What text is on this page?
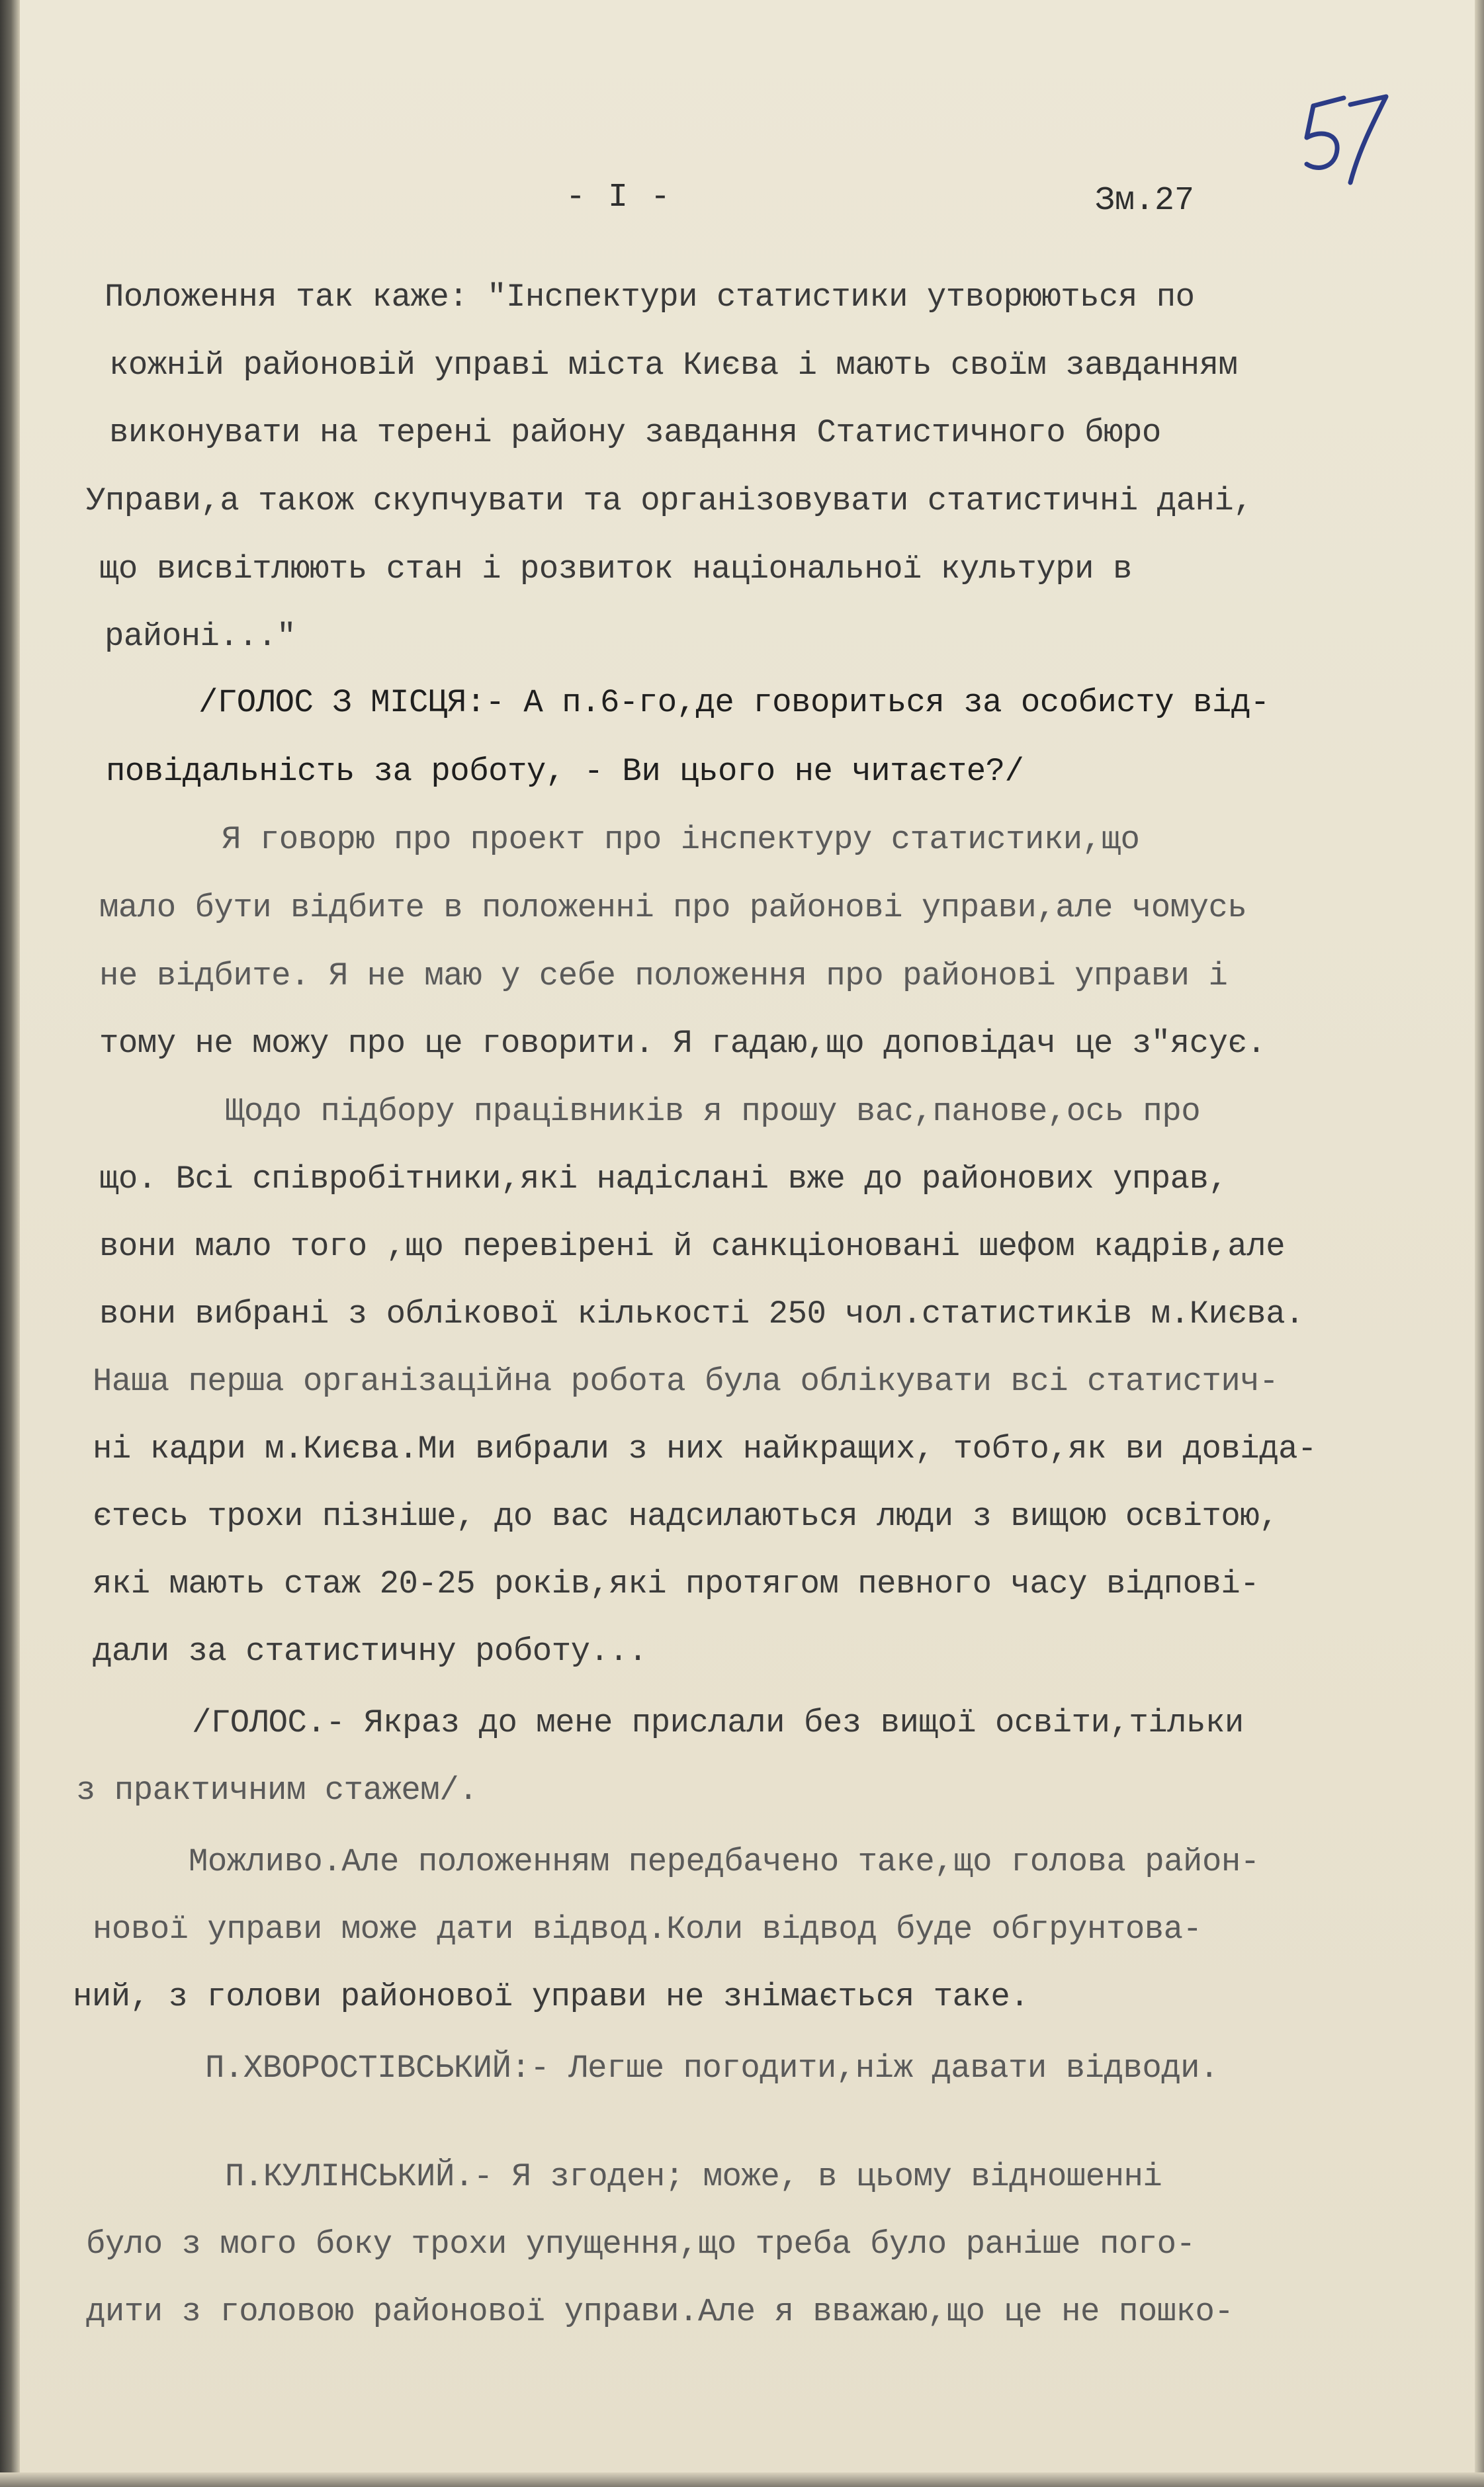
- I -	Зм.27
Положення так каже: "Інспектури статистики утворюються по
кожній районовій управі міста Києва і мають своїм завданням
виконувати на терені району завдання Статистичного бюро
Управи,а також скупчувати та організовувати статистичні дані,
що висвітлюють стан і розвиток національної культури в
районі..."
/ГОЛОС З МІСЦЯ:- А п.6-го,де говориться за особисту від-
повідальність за роботу, - Ви цього не читаєте?/
Я говорю про проект про інспектуру статистики,що
мало бути відбите в положенні про районові управи,але чомусь
не відбите. Я не маю у себе положення про районові управи і
тому не можу про це говорити. Я гадаю,що доповідач це з"ясує.
Щодо підбору працівників я прошу вас,панове,ось про
що. Всі співробітники,які надіслані вже до районових управ,
вони мало того ,що перевірені й санкціоновані шефом кадрів,але
вони вибрані з облікової кількості 250 чол.статистиків м.Києва.
Наша перша організаційна робота була облікувати всі статистич-
ні кадри м.Києва.Ми вибрали з них найкращих, тобто,як ви довіда-
єтесь трохи пізніше, до вас надсилаються люди з вищою освітою,
які мають стаж 20-25 років,які протягом певного часу відпові-
дали за статистичну роботу...
/ГОЛОС.- Якраз до мене прислали без вищої освіти,тільки
з практичним стажем/.
Можливо.Але положенням передбачено таке,що голова район-
нової управи може дати відвод.Коли відвод буде обгрунтова-
ний, з голови районової управи не знімається таке.
П.ХВОРОСТІВСЬКИЙ:- Легше погодити,ніж давати відводи.
П.КУЛІНСЬКИЙ.- Я згоден; може, в цьому відношенні
було з мого боку трохи упущення,що треба було раніше пого-
дити з головою районової управи.Але я вважаю,що це не пошко-
